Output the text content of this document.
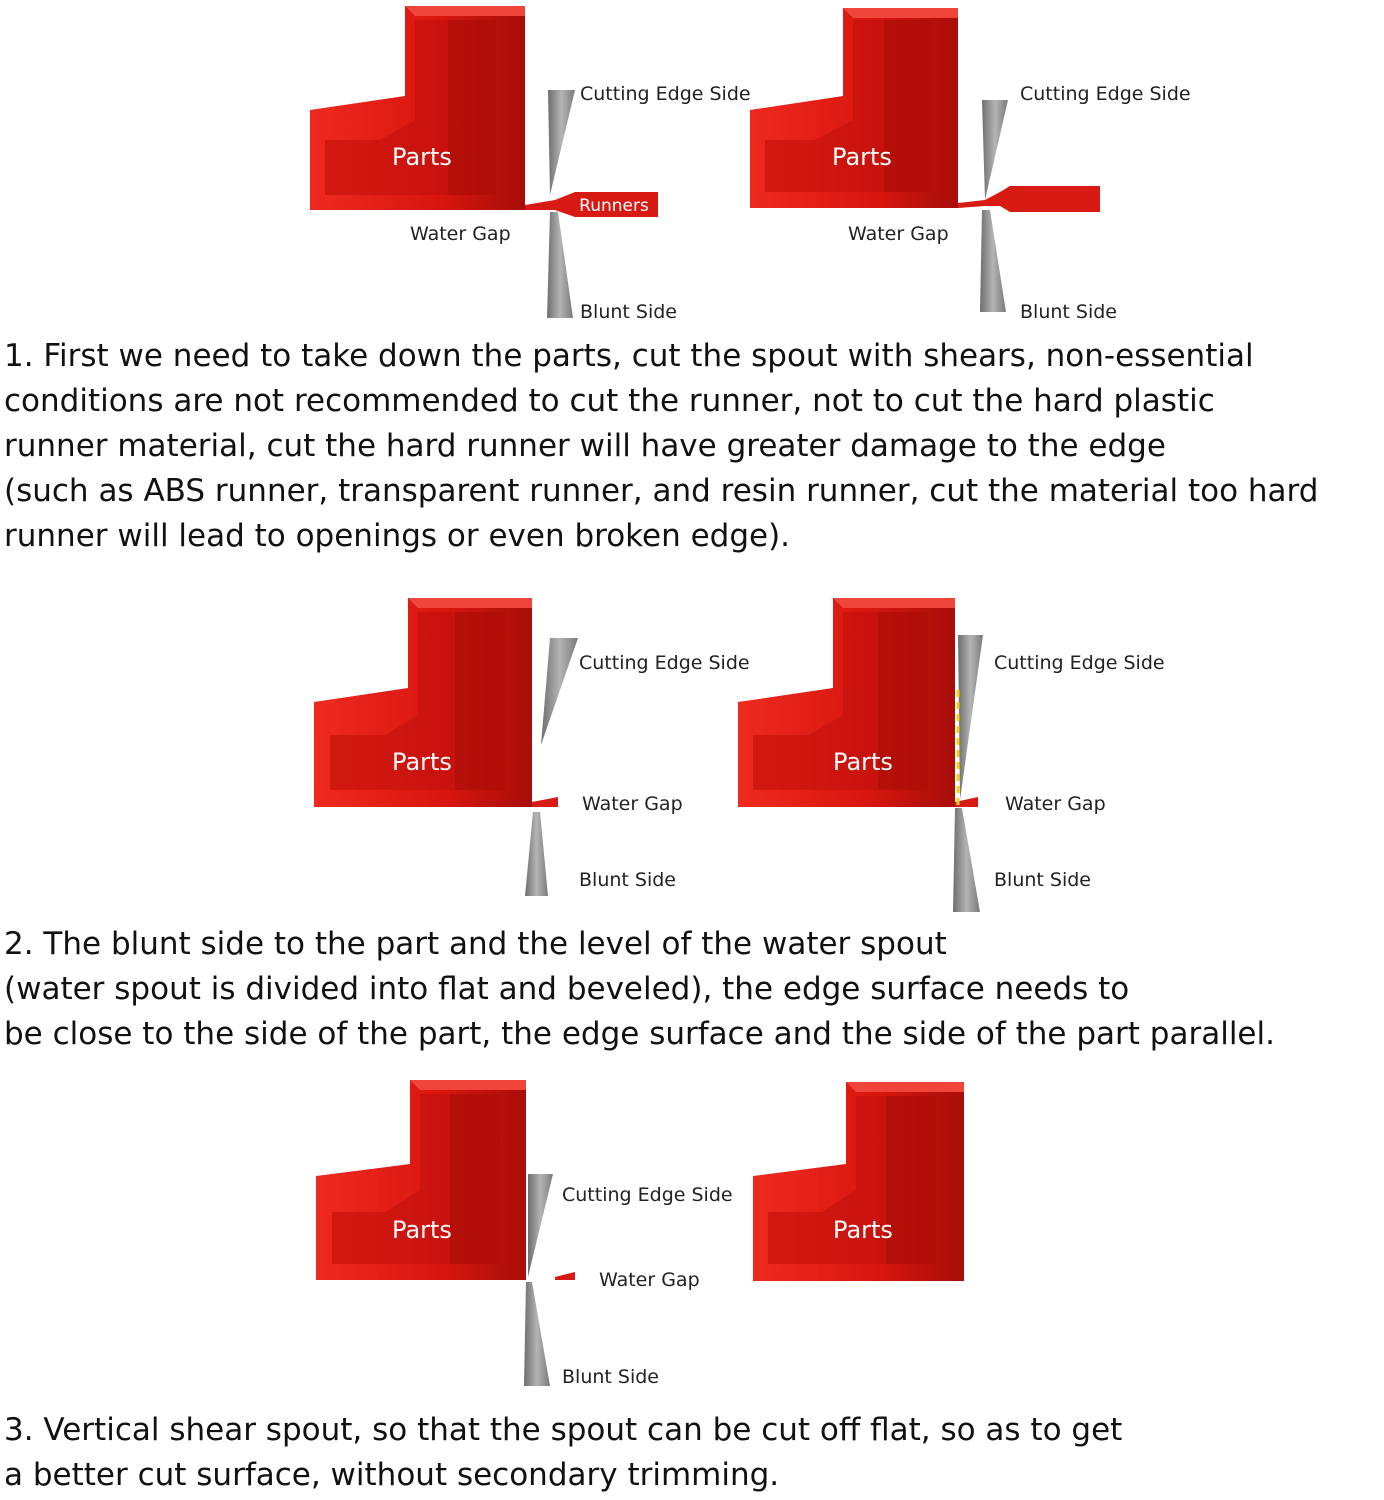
Parts
Runners
Cutting Edge Side
Water Gap
Blunt Side
Parts
Cutting Edge Side
Water Gap
Blunt Side
1. First we need to take down the parts, cut the spout with shears, non-essential
conditions are not recommended to cut the runner, not to cut the hard plastic
runner material, cut the hard runner will have greater damage to the edge
(such as ABS runner, transparent runner, and resin runner, cut the material too hard
runner will lead to openings or even broken edge).
Parts
Cutting Edge Side
Water Gap
Blunt Side
Parts
Cutting Edge Side
Water Gap
Blunt Side
2. The blunt side to the part and the level of the water spout
(water spout is divided into flat and beveled), the edge surface needs to
be close to the side of the part, the edge surface and the side of the part parallel.
Parts
Cutting Edge Side
Water Gap
Blunt Side
Parts
3. Vertical shear spout, so that the spout can be cut off flat, so as to get
a better cut surface, without secondary trimming.
